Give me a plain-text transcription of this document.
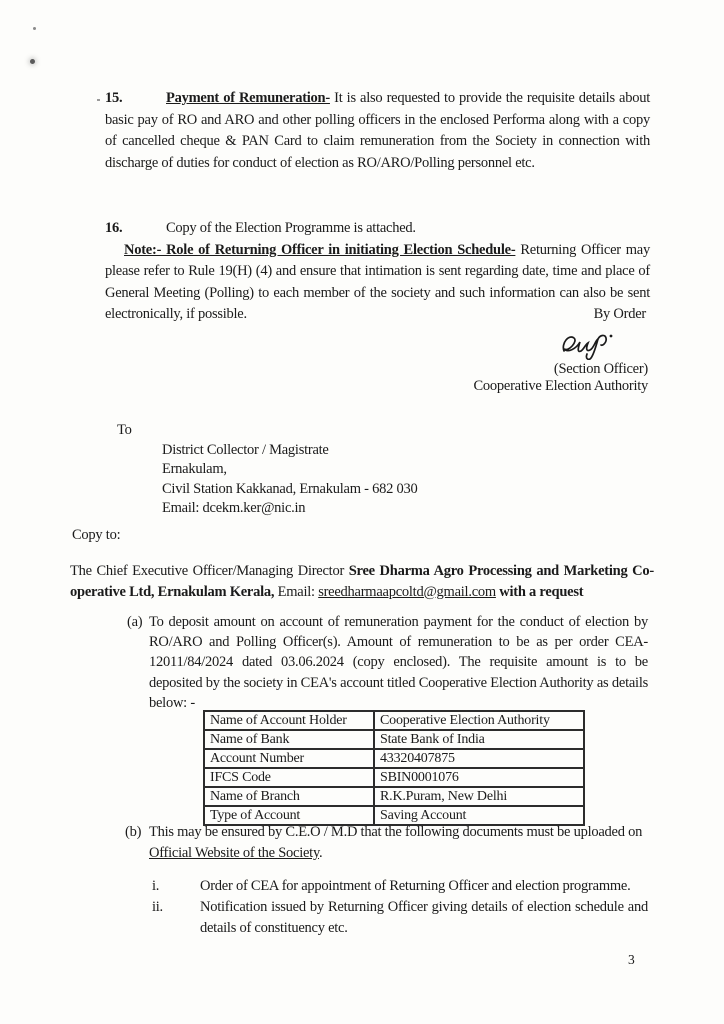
15.	Payment of Remuneration- It is also requested to provide the requisite details about basic pay of RO and ARO and other polling officers in the enclosed Performa along with a copy of cancelled cheque & PAN Card to claim remuneration from the Society in connection with discharge of duties for conduct of election as RO/ARO/Polling personnel etc.

16.	Copy of the Election Programme is attached.

Note:- Role of Returning Officer in initiating Election Schedule- Returning Officer may please refer to Rule 19(H) (4) and ensure that intimation is sent regarding date, time and place of General Meeting (Polling) to each member of the society and such information can also be sent electronically, if possible.	By Order

(Section Officer)
Cooperative Election Authority
To
District Collector / Magistrate
Ernakulam,
Civil Station Kakkanad, Ernakulam - 682 030
Email: dcekm.ker@nic.in

Copy to:

The Chief Executive Officer/Managing Director Sree Dharma Agro Processing and Marketing Co-operative Ltd, Ernakulam Kerala, Email: sreedharmaapcoltd@gmail.com with a request

(a) To deposit amount on account of remuneration payment for the conduct of election by RO/ARO and Polling Officer(s). Amount of remuneration to be as per order CEA-12011/84/2024 dated 03.06.2024 (copy enclosed). The requisite amount is to be deposited by the society in CEA's account titled Cooperative Election Authority as details below: -
Name of Account Holder	Cooperative Election Authority
Name of Bank	State Bank of India
Account Number	43320407875
IFCS Code	SBIN0001076
Name of Branch	R.K.Puram, New Delhi
Type of Account	Saving Account
(b) This may be ensured by C.E.O / M.D that the following documents must be uploaded on Official Website of the Society.
i.	Order of CEA for appointment of Returning Officer and election programme.
ii.	Notification issued by Returning Officer giving details of election schedule and details of constituency etc.
3
